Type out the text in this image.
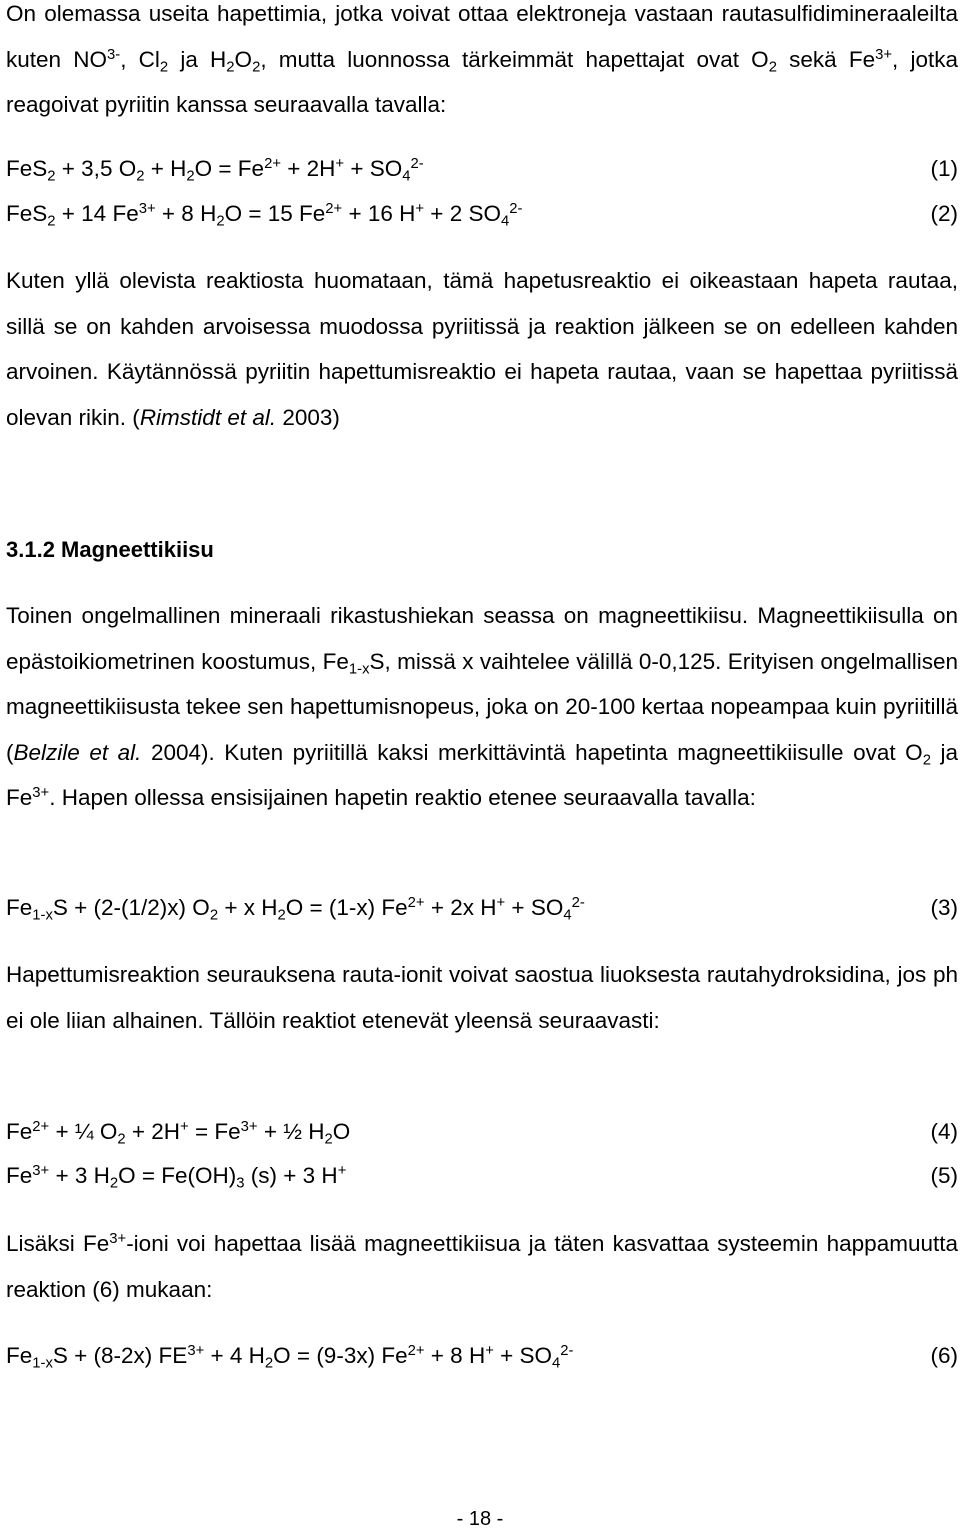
On olemassa useita hapettimia, jotka voivat ottaa elektroneja vastaan rautasulfidimineraaleilta kuten $NO^{3-}$, $Cl_2$ ja $H_2O_2$, mutta luonnossa tärkeimmät hapettajat ovat $O_2$ sekä $Fe^{3+}$, jotka reagoivat pyriitin kanssa seuraavalla tavalla:

FeS$_2$ + 3,5 $O_2 + H_2O = Fe^{2+} + 2H^+ + SO_4^{2-}$	(1)
FeS$_2$ + 14 $Fe^{3+} + 8$ $H_2O = 15$ $Fe^{2+} + 16$ H+ + 2 $SO_4^{2-}$	(2)

Kuten yllä olevista reaktiosta huomataan, tämä hapetusreaktio ei oikeastaan hapeta rautaa, sillä se on kahden arvoisessa muodossa pyriitissä ja reaktion jälkeen se on edelleen kahden arvoinen. Käytännössä pyriitin hapettumisreaktio ei hapeta rautaa, vaan se hapettaa pyriitissä olevan rikin. (Rimstidt et al. 2003)

3.1.2 Magneettikiisu

Toinen ongelmallinen mineraali rikastushiekan seassa on magneettikiisu. Magneettikiisulla on epästoikiometrinen koostumus, $Fe_{1-x}S$, missä x vaihtelee välillä 0-0,125. Erityisen ongelmallisen magneettikiisusta tekee sen hapettumisnopeus, joka on 20-100 kertaa nopeampaa kuin pyriitillä (Belzile et al. 2004). Kuten pyriitillä kaksi merkittävintä hapetinta magneettikiisulle ovat $O_2$ ja $Fe^{3+}$. Hapen ollessa ensisijainen hapetin reaktio etenee seuraavalla tavalla:

$Fe_{1-x}S + (2-(1/2)x) O_2 + x$ $H_2O = (1-x) Fe^{2+} + 2x$ $H^+ + SO_4^{2-}$	(3)

Hapettumisreaktion seurauksena rauta-ionit voivat saostua liuoksesta rautahydroksidina, jos ph ei ole liian alhainen. Tällöin reaktiot etenevät yleensä seuraavasti:

$Fe^{2+}$ + ¼ $O_2 + 2H^+ = Fe^{3+}$ + ½ $H_2O$	(4)
$Fe^{3+} + 3$ $H_2O = Fe(OH)_3$ (s) + 3 H+	(5)

Lisäksi $Fe^{3+}$-ioni voi hapettaa lisää magneettikiisua ja täten kasvattaa systeemin happamuutta reaktion (6) mukaan:

$Fe_{1-x}S + (8-2x) FE^{3+} + 4$ $H_2O = (9-3x) Fe^{2+} + 8$ $H^+ + SO_4^{2-}$	(6)
- 18 -
